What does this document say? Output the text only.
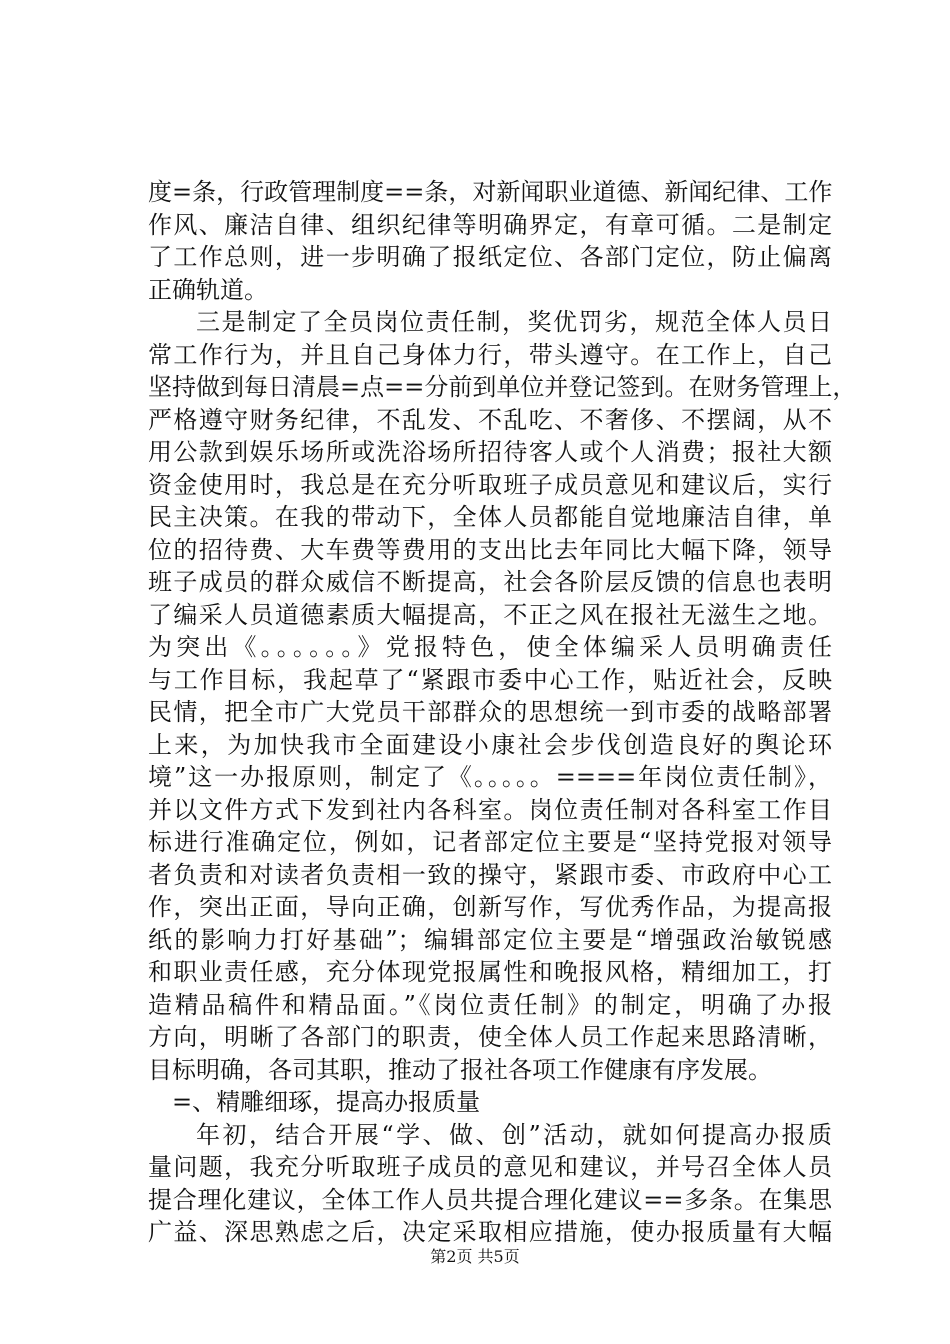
度=条，行政管理制度==条，对新闻职业道德、新闻纪律、工作
作风、廉洁自律、组织纪律等明确界定，有章可循。二是制定
了工作总则，进一步明确了报纸定位、各部门定位，防止偏离
正确轨道。
三是制定了全员岗位责任制，奖优罚劣，规范全体人员日
常工作行为，并且自己身体力行，带头遵守。在工作上，自己
坚持做到每日清晨=点==分前到单位并登记签到。在财务管理上，
严格遵守财务纪律，不乱发、不乱吃、不奢侈、不摆阔，从不
用公款到娱乐场所或洗浴场所招待客人或个人消费；报社大额
资金使用时，我总是在充分听取班子成员意见和建议后，实行
民主决策。在我的带动下，全体人员都能自觉地廉洁自律，单
位的招待费、大车费等费用的支出比去年同比大幅下降，领导
班子成员的群众威信不断提高，社会各阶层反馈的信息也表明
了编采人员道德素质大幅提高，不正之风在报社无滋生之地。
为突出《。。。。。。》党报特色，使全体编采人员明确责任
与工作目标，我起草了“紧跟市委中心工作，贴近社会，反映
民情，把全市广大党员干部群众的思想统一到市委的战略部署
上来，为加快我市全面建设小康社会步伐创造良好的舆论环
境”这一办报原则，制定了《。。。。。====年岗位责任制》，
并以文件方式下发到社内各科室。岗位责任制对各科室工作目
标进行准确定位，例如，记者部定位主要是“坚持党报对领导
者负责和对读者负责相一致的操守，紧跟市委、市政府中心工
作，突出正面，导向正确，创新写作，写优秀作品，为提高报
纸的影响力打好基础”；编辑部定位主要是“增强政治敏锐感
和职业责任感，充分体现党报属性和晚报风格，精细加工，打
造精品稿件和精品面。”《岗位责任制》的制定，明确了办报
方向，明晰了各部门的职责，使全体人员工作起来思路清晰，
目标明确，各司其职，推动了报社各项工作健康有序发展。
=、精雕细琢，提高办报质量
年初，结合开展“学、做、创”活动，就如何提高办报质
量问题，我充分听取班子成员的意见和建议，并号召全体人员
提合理化建议，全体工作人员共提合理化建议==多条。在集思
广益、深思熟虑之后，决定采取相应措施，使办报质量有大幅
第2页 共5页
